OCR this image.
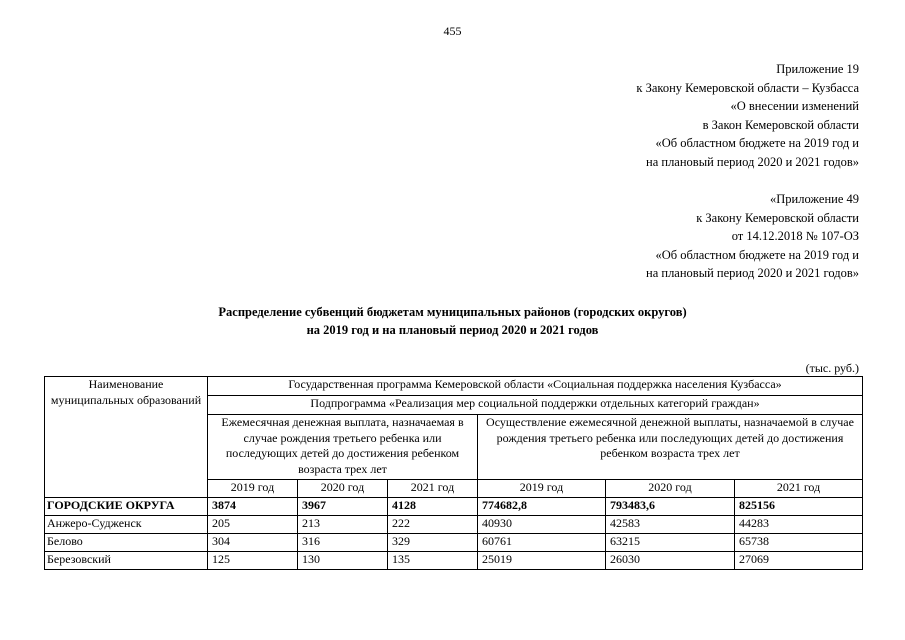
455
Приложение 19
к Закону Кемеровской области – Кузбасса
«О внесении изменений
в Закон Кемеровской области
«Об областном бюджете на 2019 год и
на плановый период 2020 и 2021 годов»
«Приложение 49
к Закону Кемеровской области
от 14.12.2018 № 107-ОЗ
«Об областном бюджете на 2019 год и
на плановый период 2020 и 2021 годов»
Распределение субвенций бюджетам муниципальных районов (городских округов)
на 2019 год и на плановый период 2020 и 2021 годов
(тыс. руб.)
Наименование муниципальных образований	Государственная программа Кемеровской области «Социальная поддержка населения Кузбасса»					
	Подпрограмма «Реализация мер социальной поддержки отдельных категорий граждан»					
	Ежемесячная денежная выплата, назначаемая в случае рождения третьего ребенка или последующих детей до достижения ребенком возраста трех лет			Осуществление ежемесячной денежной выплаты, назначаемой в случае рождения третьего ребенка или последующих детей до достижения ребенком возраста трех лет		
	2019 год	2020 год	2021 год	2019 год	2020 год	2021 год
ГОРОДСКИЕ ОКРУГА	3874	3967	4128	774682,8	793483,6	825156
Анжеро-Судженск	205	213	222	40930	42583	44283
Белово	304	316	329	60761	63215	65738
Березовский	125	130	135	25019	26030	27069
